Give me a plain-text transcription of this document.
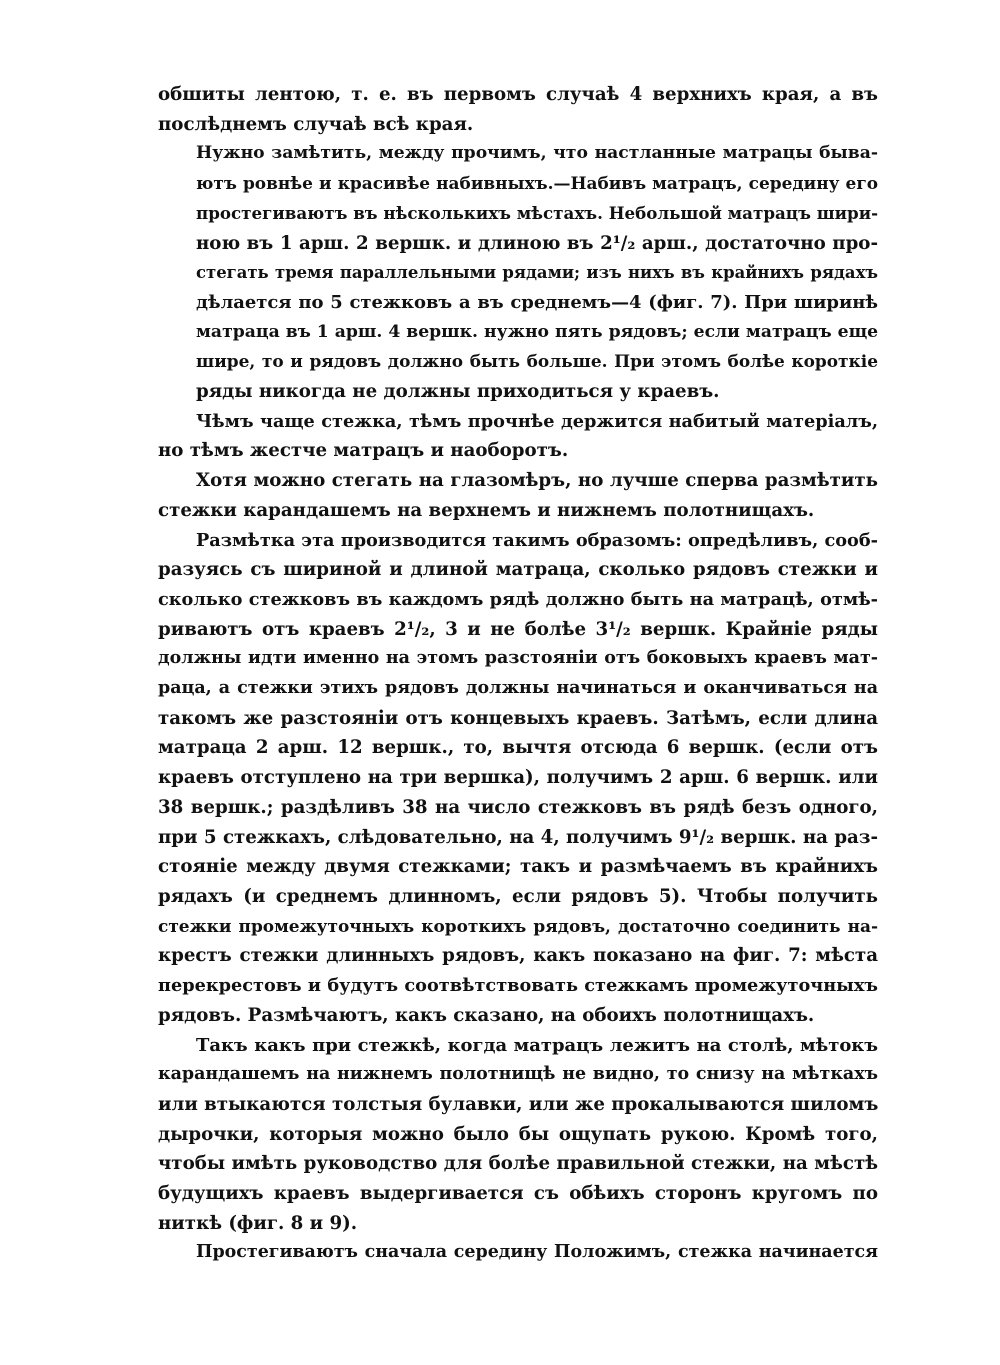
обшиты лентою, т. е. въ первомъ случаѣ 4 верхнихъ края, а въ
послѣднемъ случаѣ всѣ края.
Нужно замѣтить, между прочимъ, что настланные матрацы быва-
ютъ ровнѣе и красивѣе набивныхъ.—Набивъ матрацъ, середину его
простегиваютъ въ нѣсколькихъ мѣстахъ. Небольшой матрацъ шири-
ною въ 1 арш. 2 вершк. и длиною въ 2¹/₂ арш., достаточно про-
стегать тремя параллельными рядами; изъ нихъ въ крайнихъ рядахъ
дѣлается по 5 стежковъ а въ среднемъ—4 (фиг. 7). При ширинѣ
матраца въ 1 арш. 4 вершк. нужно пять рядовъ; если матрацъ еще
шире, то и рядовъ должно быть больше. При этомъ болѣе короткіе
ряды никогда не должны приходиться у краевъ.
Чѣмъ чаще стежка, тѣмъ прочнѣе держится набитый матеріалъ,
но тѣмъ жестче матрацъ и наоборотъ.
Хотя можно стегать на глазомѣръ, но лучше сперва размѣтить
стежки карандашемъ на верхнемъ и нижнемъ полотнищахъ.
Размѣтка эта производится такимъ образомъ: опредѣливъ, сооб-
разуясь съ шириной и длиной матраца, сколько рядовъ стежки и
сколько стежковъ въ каждомъ рядѣ должно быть на матрацѣ, отмѣ-
риваютъ отъ краевъ 2¹/₂, 3 и не болѣе 3¹/₂ вершк. Крайніе ряды
должны идти именно на этомъ разстояніи отъ боковыхъ краевъ мат-
раца, а стежки этихъ рядовъ должны начинаться и оканчиваться на
такомъ же разстояніи отъ концевыхъ краевъ. Затѣмъ, если длина
матраца 2 арш. 12 вершк., то, вычтя отсюда 6 вершк. (если отъ
краевъ отступлено на три вершка), получимъ 2 арш. 6 вершк. или
38 вершк.; раздѣливъ 38 на число стежковъ въ рядѣ безъ одного,
при 5 стежкахъ, слѣдовательно, на 4, получимъ 9¹/₂ вершк. на раз-
стояніе между двумя стежками; такъ и размѣчаемъ въ крайнихъ
рядахъ (и среднемъ длинномъ, если рядовъ 5). Чтобы получить
стежки промежуточныхъ короткихъ рядовъ, достаточно соединить на-
крестъ стежки длинныхъ рядовъ, какъ показано на фиг. 7: мѣста
перекрестовъ и будутъ соотвѣтствовать стежкамъ промежуточныхъ
рядовъ. Размѣчаютъ, какъ сказано, на обоихъ полотнищахъ.
Такъ какъ при стежкѣ, когда матрацъ лежитъ на столѣ, мѣтокъ
карандашемъ на нижнемъ полотнищѣ не видно, то снизу на мѣткахъ
или втыкаются толстыя булавки, или же прокалываются шиломъ
дырочки, которыя можно было бы ощупать рукою. Кромѣ того,
чтобы имѣть руководство для болѣе правильной стежки, на мѣстѣ
будущихъ краевъ выдергивается съ обѣихъ сторонъ кругомъ по
ниткѣ (фиг. 8 и 9).
Простегиваютъ сначала середину Положимъ, стежка начинается
